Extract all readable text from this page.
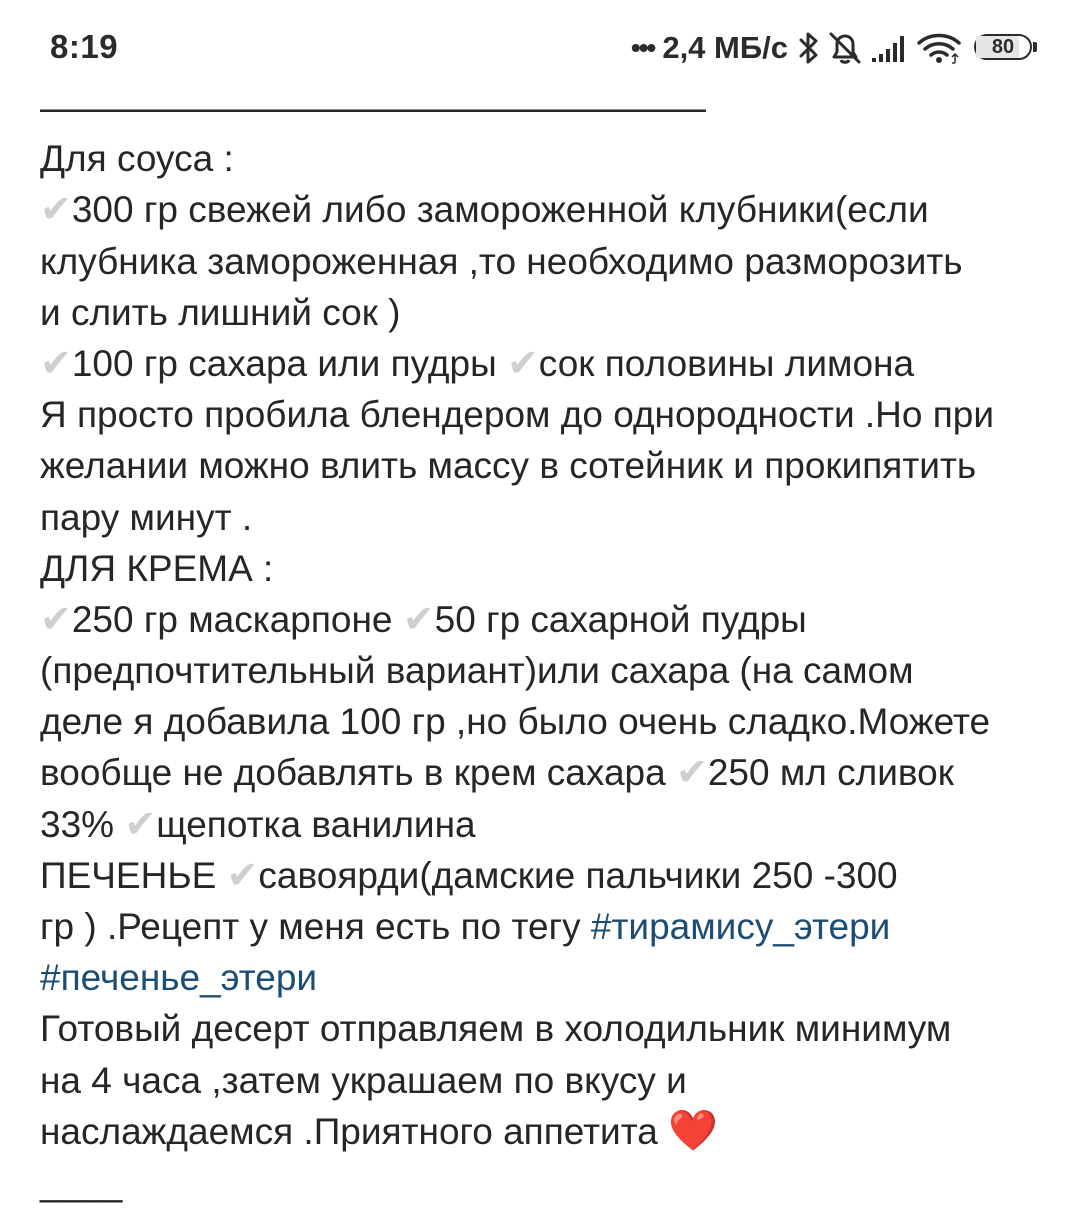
8:19	••• 2,4 МБ/с	80
——————————————————
Для соуса :
✔300 гр свежей либо замороженной клубники(если
клубника замороженная ,то необходимо разморозить
и слить лишний сок )
✔100 гр сахара или пудры ✔сок половины лимона
Я просто пробила блендером до однородности .Но при
желании можно влить массу в сотейник и прокипятить
пару минут .
ДЛЯ КРЕМА :
✔250 гр маскарпоне ✔50 гр сахарной пудры
(предпочтительный вариант)или сахара (на самом
деле я добавила 100 гр ,но было очень сладко.Можете
вообще не добавлять в крем сахара ✔250 мл сливок
33% ✔щепотка ванилина
ПЕЧЕНЬЕ ✔савоярди(дамские пальчики 250 -300
гр ) .Рецепт у меня есть по тегу #тирамису_этери
#печенье_этери
Готовый десерт отправляем в холодильник минимум
на 4 часа ,затем украшаем по вкусу и
наслаждаемся .Приятного аппетита ❤️
____
